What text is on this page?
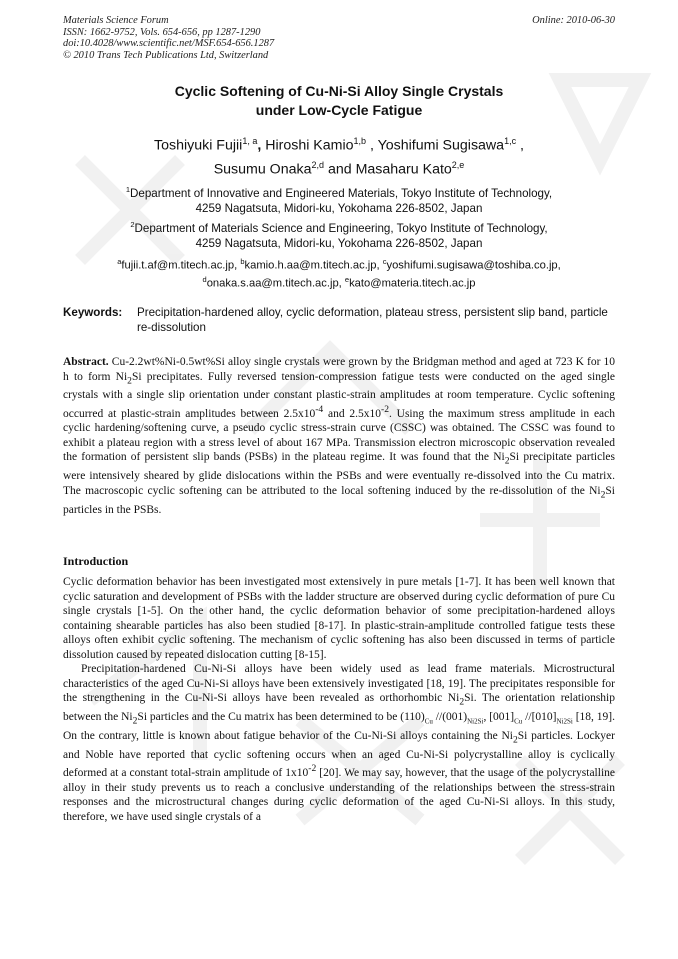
Materials Science Forum
ISSN: 1662-9752, Vols. 654-656, pp 1287-1290
doi:10.4028/www.scientific.net/MSF.654-656.1287
© 2010 Trans Tech Publications Ltd, Switzerland
Online: 2010-06-30
Cyclic Softening of Cu-Ni-Si Alloy Single Crystals
under Low-Cycle Fatigue
Toshiyuki Fujii$^{1, a}$, Hiroshi Kamio$^{1,b}$ , Yoshifumi Sugisawa$^{1,c}$ ,
Susumu Onaka$^{2,d}$ and Masaharu Kato$^{2,e}$
$^1$Department of Innovative and Engineered Materials, Tokyo Institute of Technology,
4259 Nagatsuta, Midori-ku, Yokohama 226-8502, Japan
$^2$Department of Materials Science and Engineering, Tokyo Institute of Technology,
4259 Nagatsuta, Midori-ku, Yokohama 226-8502, Japan
$^a$fujii.t.af@m.titech.ac.jp, $^b$kamio.h.aa@m.titech.ac.jp, $^c$yoshifumi.sugisawa@toshiba.co.jp,
$^d$onaka.s.aa@m.titech.ac.jp, $^e$kato@materia.titech.ac.jp
Keywords:	Precipitation-hardened alloy, cyclic deformation, plateau stress, persistent slip band, particle re-dissolution
Abstract. Cu-2.2wt%Ni-0.5wt%Si alloy single crystals were grown by the Bridgman method and aged at 723 K for 10 h to form $Ni_2Si$ precipitates. Fully reversed tension-compression fatigue tests were conducted on the aged single crystals with a single slip orientation under constant plastic-strain amplitudes at room temperature. Cyclic softening occurred at plastic-strain amplitudes between $2.5x10^{-4}$ and $2.5x10^{-2}$. Using the maximum stress amplitude in each cyclic hardening/softening curve, a pseudo cyclic stress-strain curve (CSSC) was obtained. The CSSC was found to exhibit a plateau region with a stress level of about 167 MPa. Transmission electron microscopic observation revealed the formation of persistent slip bands (PSBs) in the plateau regime. It was found that the $Ni_2Si$ precipitate particles were intensively sheared by glide dislocations within the PSBs and were eventually re-dissolved into the Cu matrix. The macroscopic cyclic softening can be attributed to the local softening induced by the re-dissolution of the $Ni_2Si$ particles in the PSBs.
Introduction

Cyclic deformation behavior has been investigated most extensively in pure metals [1-7]. It has been well known that cyclic saturation and development of PSBs with the ladder structure are observed during cyclic deformation of pure Cu single crystals [1-5]. On the other hand, the cyclic deformation behavior of some precipitation-hardened alloys containing shearable particles has also been studied [8-17]. In plastic-strain-amplitude controlled fatigue tests these alloys often exhibit cyclic softening. The mechanism of cyclic softening has also been discussed in terms of particle dissolution caused by repeated dislocation cutting [8-15].

Precipitation-hardened Cu-Ni-Si alloys have been widely used as lead frame materials. Microstructural characteristics of the aged Cu-Ni-Si alloys have been extensively investigated [18, 19]. The precipitates responsible for the strengthening in the Cu-Ni-Si alloys have been revealed as orthorhombic $Ni_2Si$. The orientation relationship between the $Ni_2Si$ particles and the Cu matrix has been determined to be $(110)_{Cu}$ $//(001)_{Ni2Si}$, $[001]_{Cu}$ $//[010]_{Ni2Si}$ [18, 19]. On the contrary, little is known about fatigue behavior of the Cu-Ni-Si alloys containing the $Ni_2Si$ particles. Lockyer and Noble have reported that cyclic softening occurs when an aged Cu-Ni-Si polycrystalline alloy is cyclically deformed at a constant total-strain amplitude of $1x10^{-2}$ [20]. We may say, however, that the usage of the polycrystalline alloy in their study prevents us to reach a conclusive understanding of the relationships between the stress-strain responses and the microstructural changes during cyclic deformation of the aged Cu-Ni-Si alloys. In this study, therefore, we have used single crystals of a
